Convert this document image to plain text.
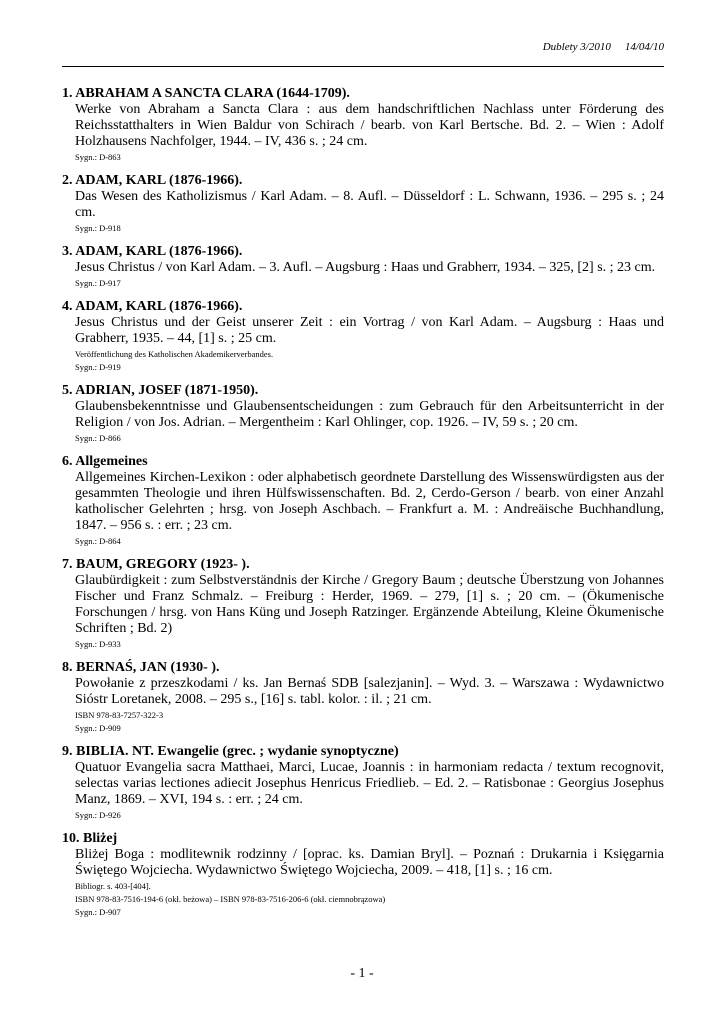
Dublety 3/2010 14/04/10
1. ABRAHAM A SANCTA CLARA (1644-1709).
Werke von Abraham a Sancta Clara : aus dem handschriftlichen Nachlass unter Förderung des Reichsstatthalters in Wien Baldur von Schirach / bearb. von Karl Bertsche. Bd. 2. – Wien : Adolf Holzhausens Nachfolger, 1944. – IV, 436 s. ; 24 cm.
Sygn.: D-863
2. ADAM, KARL (1876-1966).
Das Wesen des Katholizismus / Karl Adam. – 8. Aufl. – Düsseldorf : L. Schwann, 1936. – 295 s. ; 24 cm.
Sygn.: D-918
3. ADAM, KARL (1876-1966).
Jesus Christus / von Karl Adam. – 3. Aufl. – Augsburg : Haas und Grabherr, 1934. – 325, [2] s. ; 23 cm.
Sygn.: D-917
4. ADAM, KARL (1876-1966).
Jesus Christus und der Geist unserer Zeit : ein Vortrag / von Karl Adam. – Augsburg : Haas und Grabherr, 1935. – 44, [1] s. ; 25 cm.
Veröffentlichung des Katholischen Akademikerverbandes.
Sygn.: D-919
5. ADRIAN, JOSEF (1871-1950).
Glaubensbekenntnisse und Glaubensentscheidungen : zum Gebrauch für den Arbeitsunterricht in der Religion / von Jos. Adrian. – Mergentheim : Karl Ohlinger, cop. 1926. – IV, 59 s. ; 20 cm.
Sygn.: D-866
6. Allgemeines
Allgemeines Kirchen-Lexikon : oder alphabetisch geordnete Darstellung des Wissenswürdigsten aus der gesammten Theologie und ihren Hülfswissenschaften. Bd. 2, Cerdo-Gerson / bearb. von einer Anzahl katholischer Gelehrten ; hrsg. von Joseph Aschbach. – Frankfurt a. M. : Andreäische Buchhandlung, 1847. – 956 s. : err. ; 23 cm.
Sygn.: D-864
7. BAUM, GREGORY (1923- ).
Glaubürdigkeit : zum Selbstverständnis der Kirche / Gregory Baum ; deutsche Überstzung von Johannes Fischer und Franz Schmalz. – Freiburg : Herder, 1969. – 279, [1] s. ; 20 cm. – (Ökumenische Forschungen / hrsg. von Hans Küng und Joseph Ratzinger. Ergänzende Abteilung, Kleine Ökumenische Schriften ; Bd. 2)
Sygn.: D-933
8. BERNAŚ, JAN (1930- ).
Powołanie z przeszkodami / ks. Jan Bernaś SDB [salezjanin]. – Wyd. 3. – Warszawa : Wydawnictwo Sióstr Loretanek, 2008. – 295 s., [16] s. tabl. kolor. : il. ; 21 cm.
ISBN 978-83-7257-322-3
Sygn.: D-909
9. BIBLIA. NT. Ewangelie (grec. ; wydanie synoptyczne)
Quatuor Evangelia sacra Matthaei, Marci, Lucae, Joannis : in harmoniam redacta / textum recognovit, selectas varias lectiones adiecit Josephus Henricus Friedlieb. – Ed. 2. – Ratisbonae : Georgius Josephus Manz, 1869. – XVI, 194 s. : err. ; 24 cm.
Sygn.: D-926
10. Bliżej
Bliżej Boga : modlitewnik rodzinny / [oprac. ks. Damian Bryl]. – Poznań : Drukarnia i Księgarnia Świętego Wojciecha. Wydawnictwo Świętego Wojciecha, 2009. – 418, [1] s. ; 16 cm.
Bibliogr. s. 403-[404].
ISBN 978-83-7516-194-6 (okł. beżowa) – ISBN 978-83-7516-206-6 (okł. ciemnobrązowa)
Sygn.: D-907
- 1 -
